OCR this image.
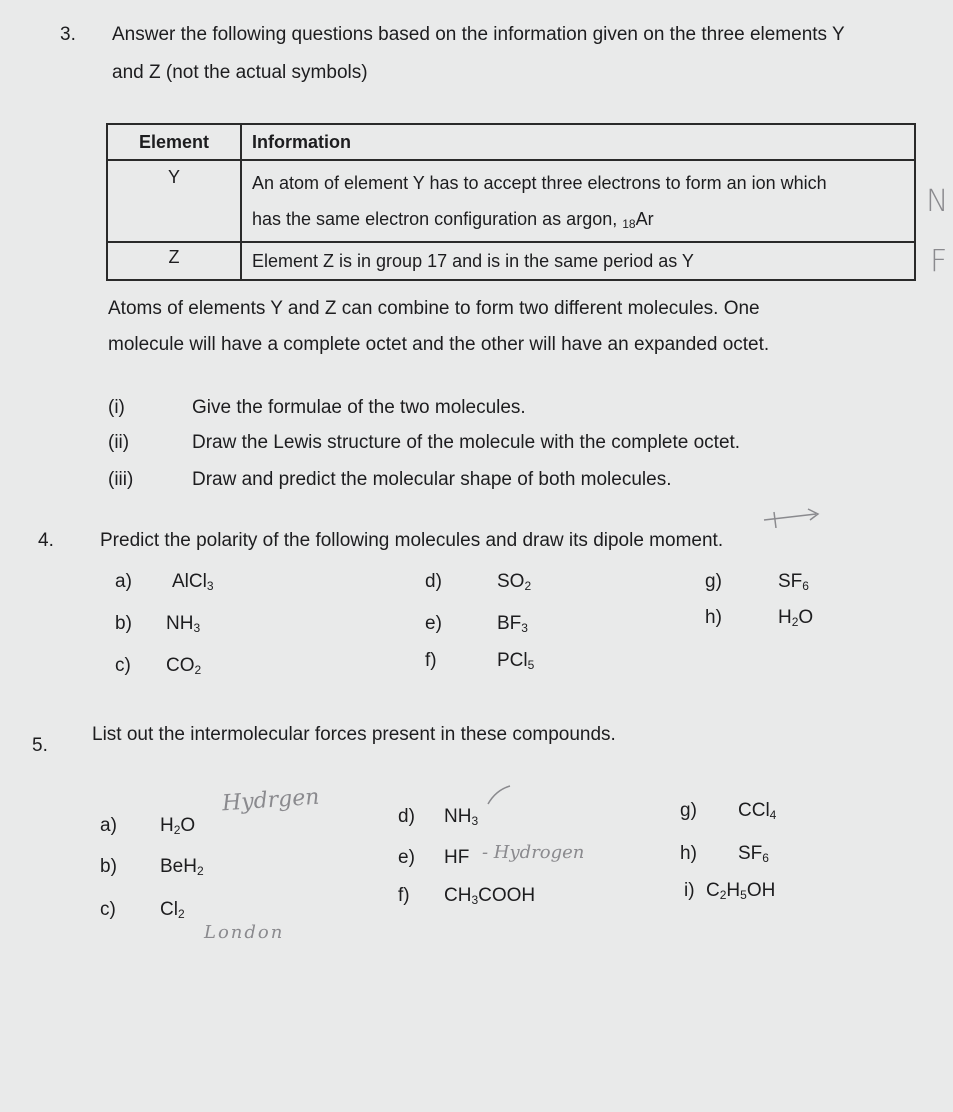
3. Answer the following questions based on the information given on the three elements Y
and Z (not the actual symbols)
Element	Information
Y	An atom of element Y has to accept three electrons to form an ion which
has the same electron configuration as argon, $_{18}$Ar
Z	Element Z is in group 17 and is in the same period as Y
N
F
Atoms of elements Y and Z can combine to form two different molecules. One
molecule will have a complete octet and the other will have an expanded octet.
(i)	Give the formulae of the two molecules.
(ii)	Draw the Lewis structure of the molecule with the complete octet.
(iii)	Draw and predict the molecular shape of both molecules.
4. Predict the polarity of the following molecules and draw its dipole moment.
a) AlCl$_3$
b) $NH_3$
c) $CO_2$
d)	$SO_2$
e)	$BF_3$
f)	PCl$_5$
g)	$SF_6$
h)	$H_2O$
5.
List out the intermolecular forces present in these compounds.
a) $H_2O$
Hydrgen
b) BeH$_2$
c) $Cl_2$
London
d) $NH_3$
e) HF - Hydrogen
f) $CH_3COOH$
g) CCl$_4$
h) $SF_6$
i) $C_2H_5OH$
